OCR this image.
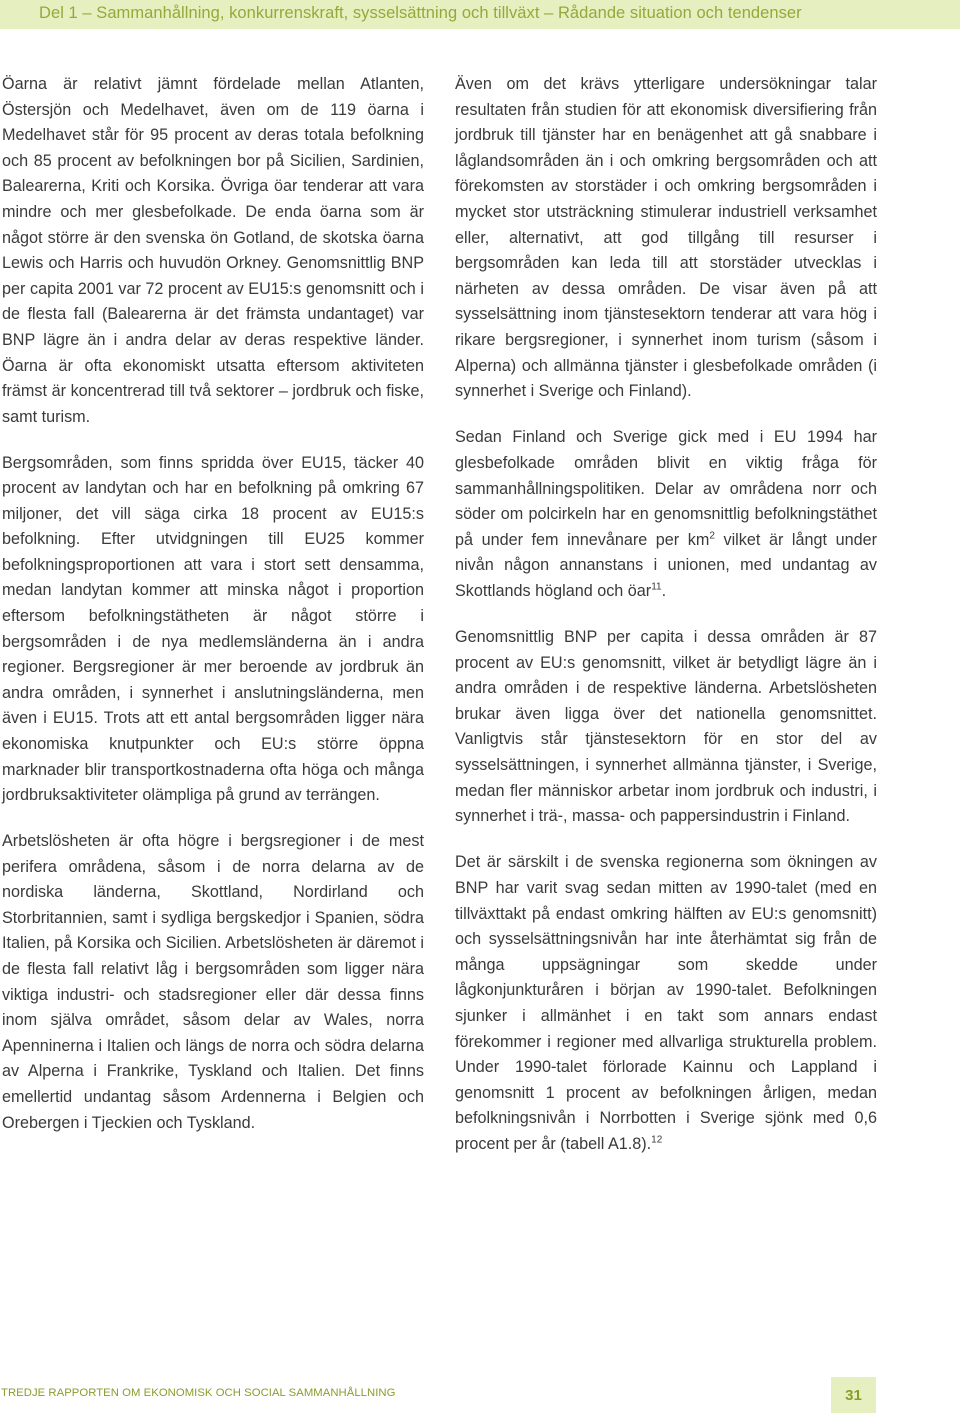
Del 1 – Sammanhållning, konkurrenskraft, sysselsättning och tillväxt – Rådande situation och tendenser

Öarna är relativt jämnt fördelade mellan Atlanten, Östersjön och Medelhavet, även om de 119 öarna i Medelhavet står för 95 procent av deras totala befolkning och 85 procent av befolkningen bor på Sicilien, Sardinien, Balearerna, Kriti och Korsika. Övriga öar tenderar att vara mindre och mer glesbefolkade. De enda öarna som är något större är den svenska ön Gotland, de skotska öarna Lewis och Harris och huvudön Orkney. Genomsnittlig BNP per capita 2001 var 72 procent av EU15:s genomsnitt och i de flesta fall (Balearerna är det främsta undantaget) var BNP lägre än i andra delar av deras respektive länder. Öarna är ofta ekonomiskt utsatta eftersom aktiviteten främst är koncentrerad till två sektorer – jordbruk och fiske, samt turism.

Bergsområden, som finns spridda över EU15, täcker 40 procent av landytan och har en befolkning på omkring 67 miljoner, det vill säga cirka 18 procent av EU15:s befolkning. Efter utvidgningen till EU25 kommer befolkningsproportionen att vara i stort sett densamma, medan landytan kommer att minska något i proportion eftersom befolkningstätheten är något större i bergsområden i de nya medlemsländerna än i andra regioner. Bergsregioner är mer beroende av jordbruk än andra områden, i synnerhet i anslutningsländerna, men även i EU15. Trots att ett antal bergsområden ligger nära ekonomiska knutpunkter och EU:s större öppna marknader blir transportkostnaderna ofta höga och många jordbruksaktiviteter olämpliga på grund av terrängen.

Arbetslösheten är ofta högre i bergsregioner i de mest perifera områdena, såsom i de norra delarna av de nordiska länderna, Skottland, Nordirland och Storbritannien, samt i sydliga bergskedjor i Spanien, södra Italien, på Korsika och Sicilien. Arbetslösheten är däremot i de flesta fall relativt låg i bergsområden som ligger nära viktiga industri- och stadsregioner eller där dessa finns inom själva området, såsom delar av Wales, norra Apenninerna i Italien och längs de norra och södra delarna av Alperna i Frankrike, Tyskland och Italien. Det finns emellertid undantag såsom Ardennerna i Belgien och Orebergen i Tjeckien och Tyskland.

Även om det krävs ytterligare undersökningar talar resultaten från studien för att ekonomisk diversifiering från jordbruk till tjänster har en benägenhet att gå snabbare i låglandsområden än i och omkring bergsområden och att förekomsten av storstäder i och omkring bergsområden i mycket stor utsträckning stimulerar industriell verksamhet eller, alternativt, att god tillgång till resurser i bergsområden kan leda till att storstäder utvecklas i närheten av dessa områden. De visar även på att sysselsättning inom tjänstesektorn tenderar att vara hög i rikare bergsregioner, i synnerhet inom turism (såsom i Alperna) och allmänna tjänster i glesbefolkade områden (i synnerhet i Sverige och Finland).

Sedan Finland och Sverige gick med i EU 1994 har glesbefolkade områden blivit en viktig fråga för sammanhållningspolitiken. Delar av områdena norr och söder om polcirkeln har en genomsnittlig befolkningstäthet på under fem innevånare per $km^2$ vilket är långt under nivån någon annanstans i unionen, med undantag av Skottlands högland och öar$^{11}$.

Genomsnittlig BNP per capita i dessa områden är 87 procent av EU:s genomsnitt, vilket är betydligt lägre än i andra områden i de respektive länderna. Arbetslösheten brukar även ligga över det nationella genomsnittet. Vanligtvis står tjänstesektorn för en stor del av sysselsättningen, i synnerhet allmänna tjänster, i Sverige, medan fler människor arbetar inom jordbruk och industri, i synnerhet i trä-, massa- och pappersindustrin i Finland.

Det är särskilt i de svenska regionerna som ökningen av BNP har varit svag sedan mitten av 1990-talet (med en tillväxttakt på endast omkring hälften av EU:s genomsnitt) och sysselsättningsnivån har inte återhämtat sig från de många uppsägningar som skedde under lågkonjunkturåren i början av 1990-talet. Befolkningen sjunker i allmänhet i en takt som annars endast förekommer i regioner med allvarliga strukturella problem. Under 1990-talet förlorade Kainnu och Lappland i genomsnitt 1 procent av befolkningen årligen, medan befolkningsnivån i Norrbotten i Sverige sjönk med 0,6 procent per år (tabell A1.8).$^{12}$

TREDJE RAPPORTEN OM EKONOMISK OCH SOCIAL SAMMANHÅLLNING	31
